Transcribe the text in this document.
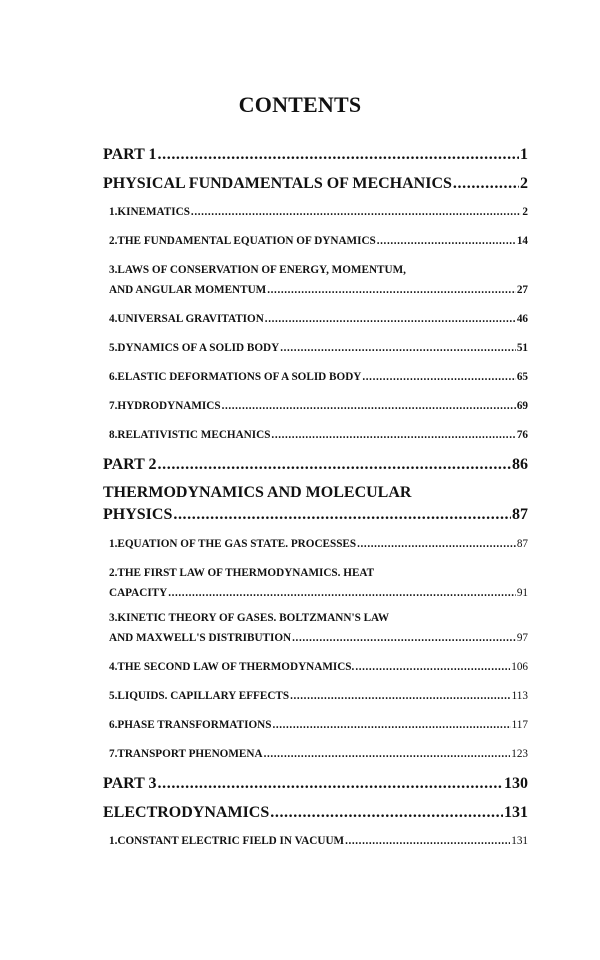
CONTENTS
PART 1 .....	1
PHYSICAL FUNDAMENTALS OF MECHANICS .....	2
1.KINEMATICS .....	2
2.THE FUNDAMENTAL EQUATION OF DYNAMICS .....	14
3.LAWS OF CONSERVATION OF ENERGY, MOMENTUM,
AND ANGULAR MOMENTUM .....	27
4.UNIVERSAL GRAVITATION .....	46
5.DYNAMICS OF A SOLID BODY .....	51
6.ELASTIC DEFORMATIONS OF A SOLID BODY .....	65
7.HYDRODYNAMICS .....	69
8.RELATIVISTIC MECHANICS .....	76
PART 2 .....	86
THERMODYNAMICS AND MOLECULAR
PHYSICS .....	87
1.EQUATION OF THE GAS STATE. PROCESSES .....	87
2.THE FIRST LAW OF THERMODYNAMICS. HEAT
CAPACITY .....	91
3.KINETIC THEORY OF GASES. BOLTZMANN'S LAW
AND MAXWELL'S DISTRIBUTION .....	97
4.THE SECOND LAW OF THERMODYNAMICS. .....	106
5.LIQUIDS. CAPILLARY EFFECTS .....	113
6.PHASE TRANSFORMATIONS .....	117
7.TRANSPORT PHENOMENA .....	123
PART 3 .....	130
ELECTRODYNAMICS .....	131
1.CONSTANT ELECTRIC FIELD IN VACUUM .....	131
